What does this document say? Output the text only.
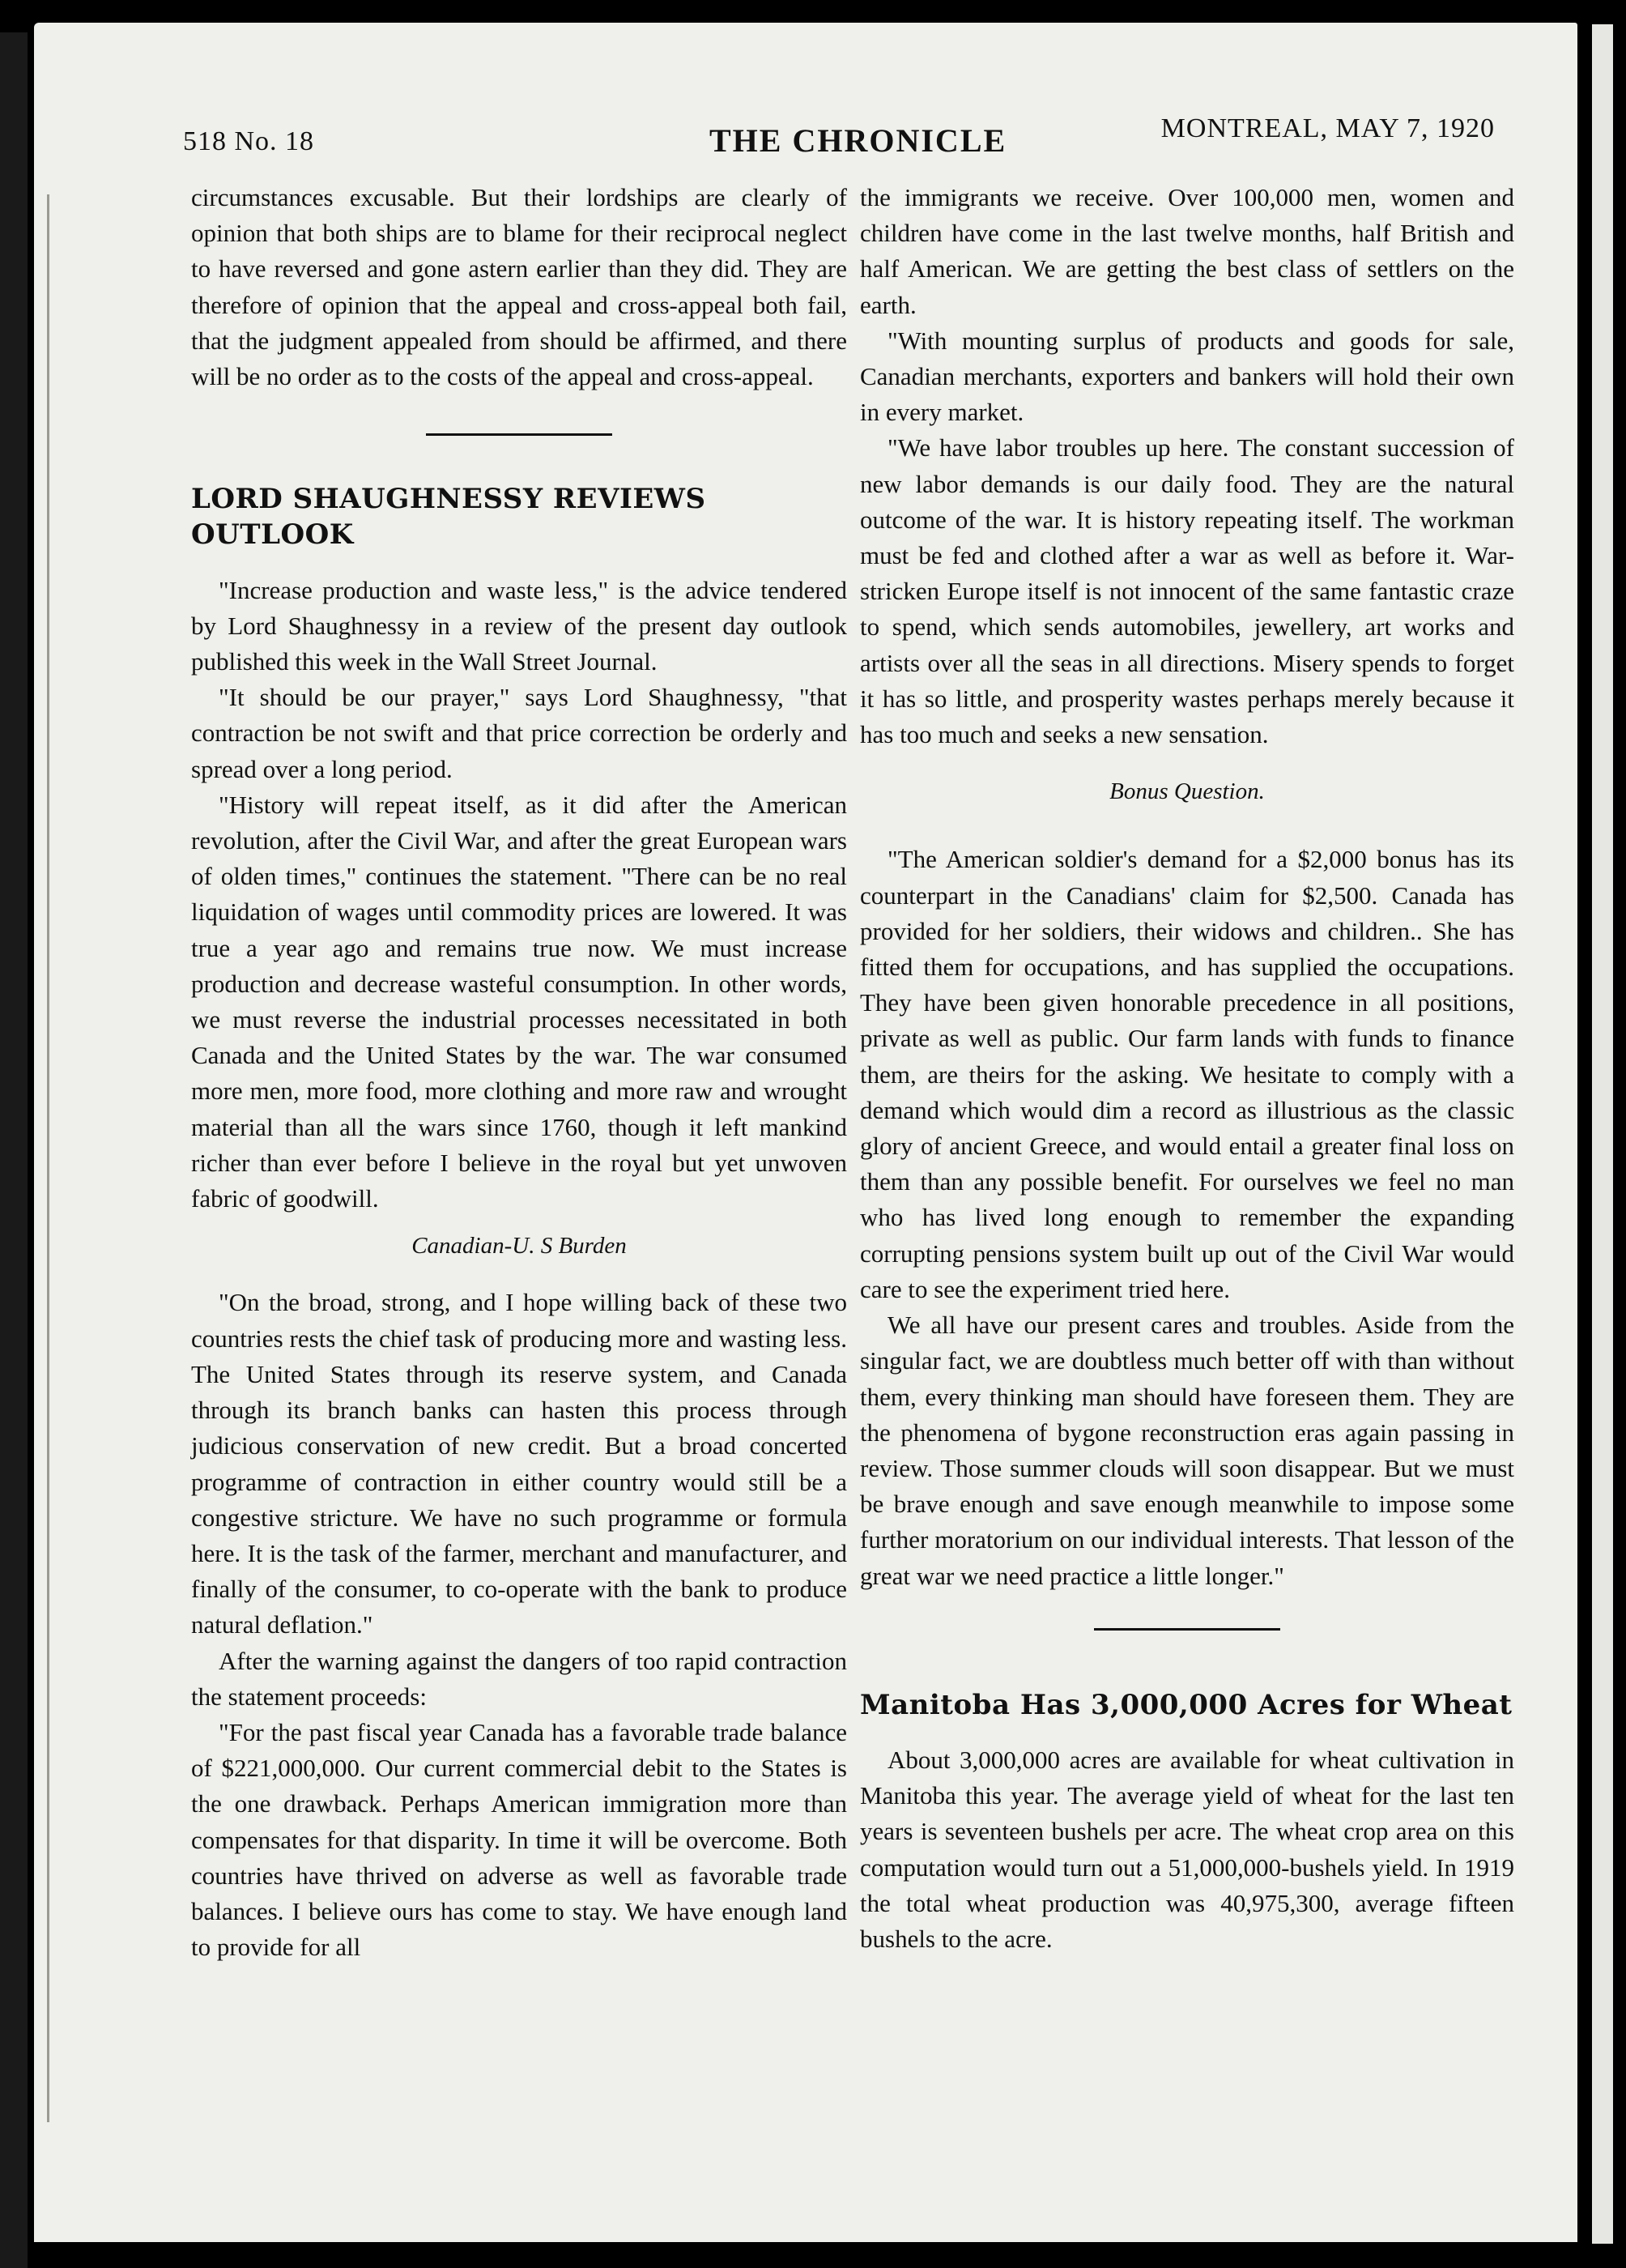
518 No. 18	THE CHRONICLE	MONTREAL, MAY 7, 1920

circumstances excusable. But their lordships are clearly of opinion that both ships are to blame for their reciprocal neglect to have reversed and gone astern earlier than they did. They are therefore of opinion that the appeal and cross-appeal both fail, that the judgment appealed from should be affirmed, and there will be no order as to the costs of the appeal and cross-appeal.

LORD SHAUGHNESSY REVIEWS OUTLOOK

"Increase production and waste less," is the advice tendered by Lord Shaughnessy in a review of the present day outlook published this week in the Wall Street Journal.

"It should be our prayer," says Lord Shaughnessy, "that contraction be not swift and that price correction be orderly and spread over a long period.

"History will repeat itself, as it did after the American revolution, after the Civil War, and after the great European wars of olden times," continues the statement. "There can be no real liquidation of wages until commodity prices are lowered. It was true a year ago and remains true now. We must increase production and decrease wasteful consumption. In other words, we must reverse the industrial processes necessitated in both Canada and the United States by the war. The war consumed more men, more food, more clothing and more raw and wrought material than all the wars since 1760, though it left mankind richer than ever before I believe in the royal but yet unwoven fabric of goodwill.

Canadian-U. S Burden

"On the broad, strong, and I hope willing back of these two countries rests the chief task of producing more and wasting less. The United States through its reserve system, and Canada through its branch banks can hasten this process through judicious conservation of new credit. But a broad concerted programme of contraction in either country would still be a congestive stricture. We have no such programme or formula here. It is the task of the farmer, merchant and manufacturer, and finally of the consumer, to co-operate with the bank to produce natural deflation."

After the warning against the dangers of too rapid contraction the statement proceeds:

"For the past fiscal year Canada has a favorable trade balance of $221,000,000. Our current commercial debit to the States is the one drawback. Perhaps American immigration more than compensates for that disparity. In time it will be overcome. Both countries have thrived on adverse as well as favorable trade balances. I believe ours has come to stay. We have enough land to provide for all

the immigrants we receive. Over 100,000 men, women and children have come in the last twelve months, half British and half American. We are getting the best class of settlers on the earth.

"With mounting surplus of products and goods for sale, Canadian merchants, exporters and bankers will hold their own in every market.

"We have labor troubles up here. The constant succession of new labor demands is our daily food. They are the natural outcome of the war. It is history repeating itself. The workman must be fed and clothed after a war as well as before it. War-stricken Europe itself is not innocent of the same fantastic craze to spend, which sends automobiles, jewellery, art works and artists over all the seas in all directions. Misery spends to forget it has so little, and prosperity wastes perhaps merely because it has too much and seeks a new sensation.

Bonus Question.

"The American soldier's demand for a $2,000 bonus has its counterpart in the Canadians' claim for $2,500. Canada has provided for her soldiers, their widows and children.. She has fitted them for occupations, and has supplied the occupations. They have been given honorable precedence in all positions, private as well as public. Our farm lands with funds to finance them, are theirs for the asking. We hesitate to comply with a demand which would dim a record as illustrious as the classic glory of ancient Greece, and would entail a greater final loss on them than any possible benefit. For ourselves we feel no man who has lived long enough to remember the expanding corrupting pensions system built up out of the Civil War would care to see the experiment tried here.

We all have our present cares and troubles. Aside from the singular fact, we are doubtless much better off with than without them, every thinking man should have foreseen them. They are the phenomena of bygone reconstruction eras again passing in review. Those summer clouds will soon disappear. But we must be brave enough and save enough meanwhile to impose some further moratorium on our individual interests. That lesson of the great war we need practice a little longer."

Manitoba Has 3,000,000 Acres for Wheat

About 3,000,000 acres are available for wheat cultivation in Manitoba this year. The average yield of wheat for the last ten years is seventeen bushels per acre. The wheat crop area on this computation would turn out a 51,000,000-bushels yield. In 1919 the total wheat production was 40,975,300, average fifteen bushels to the acre.
